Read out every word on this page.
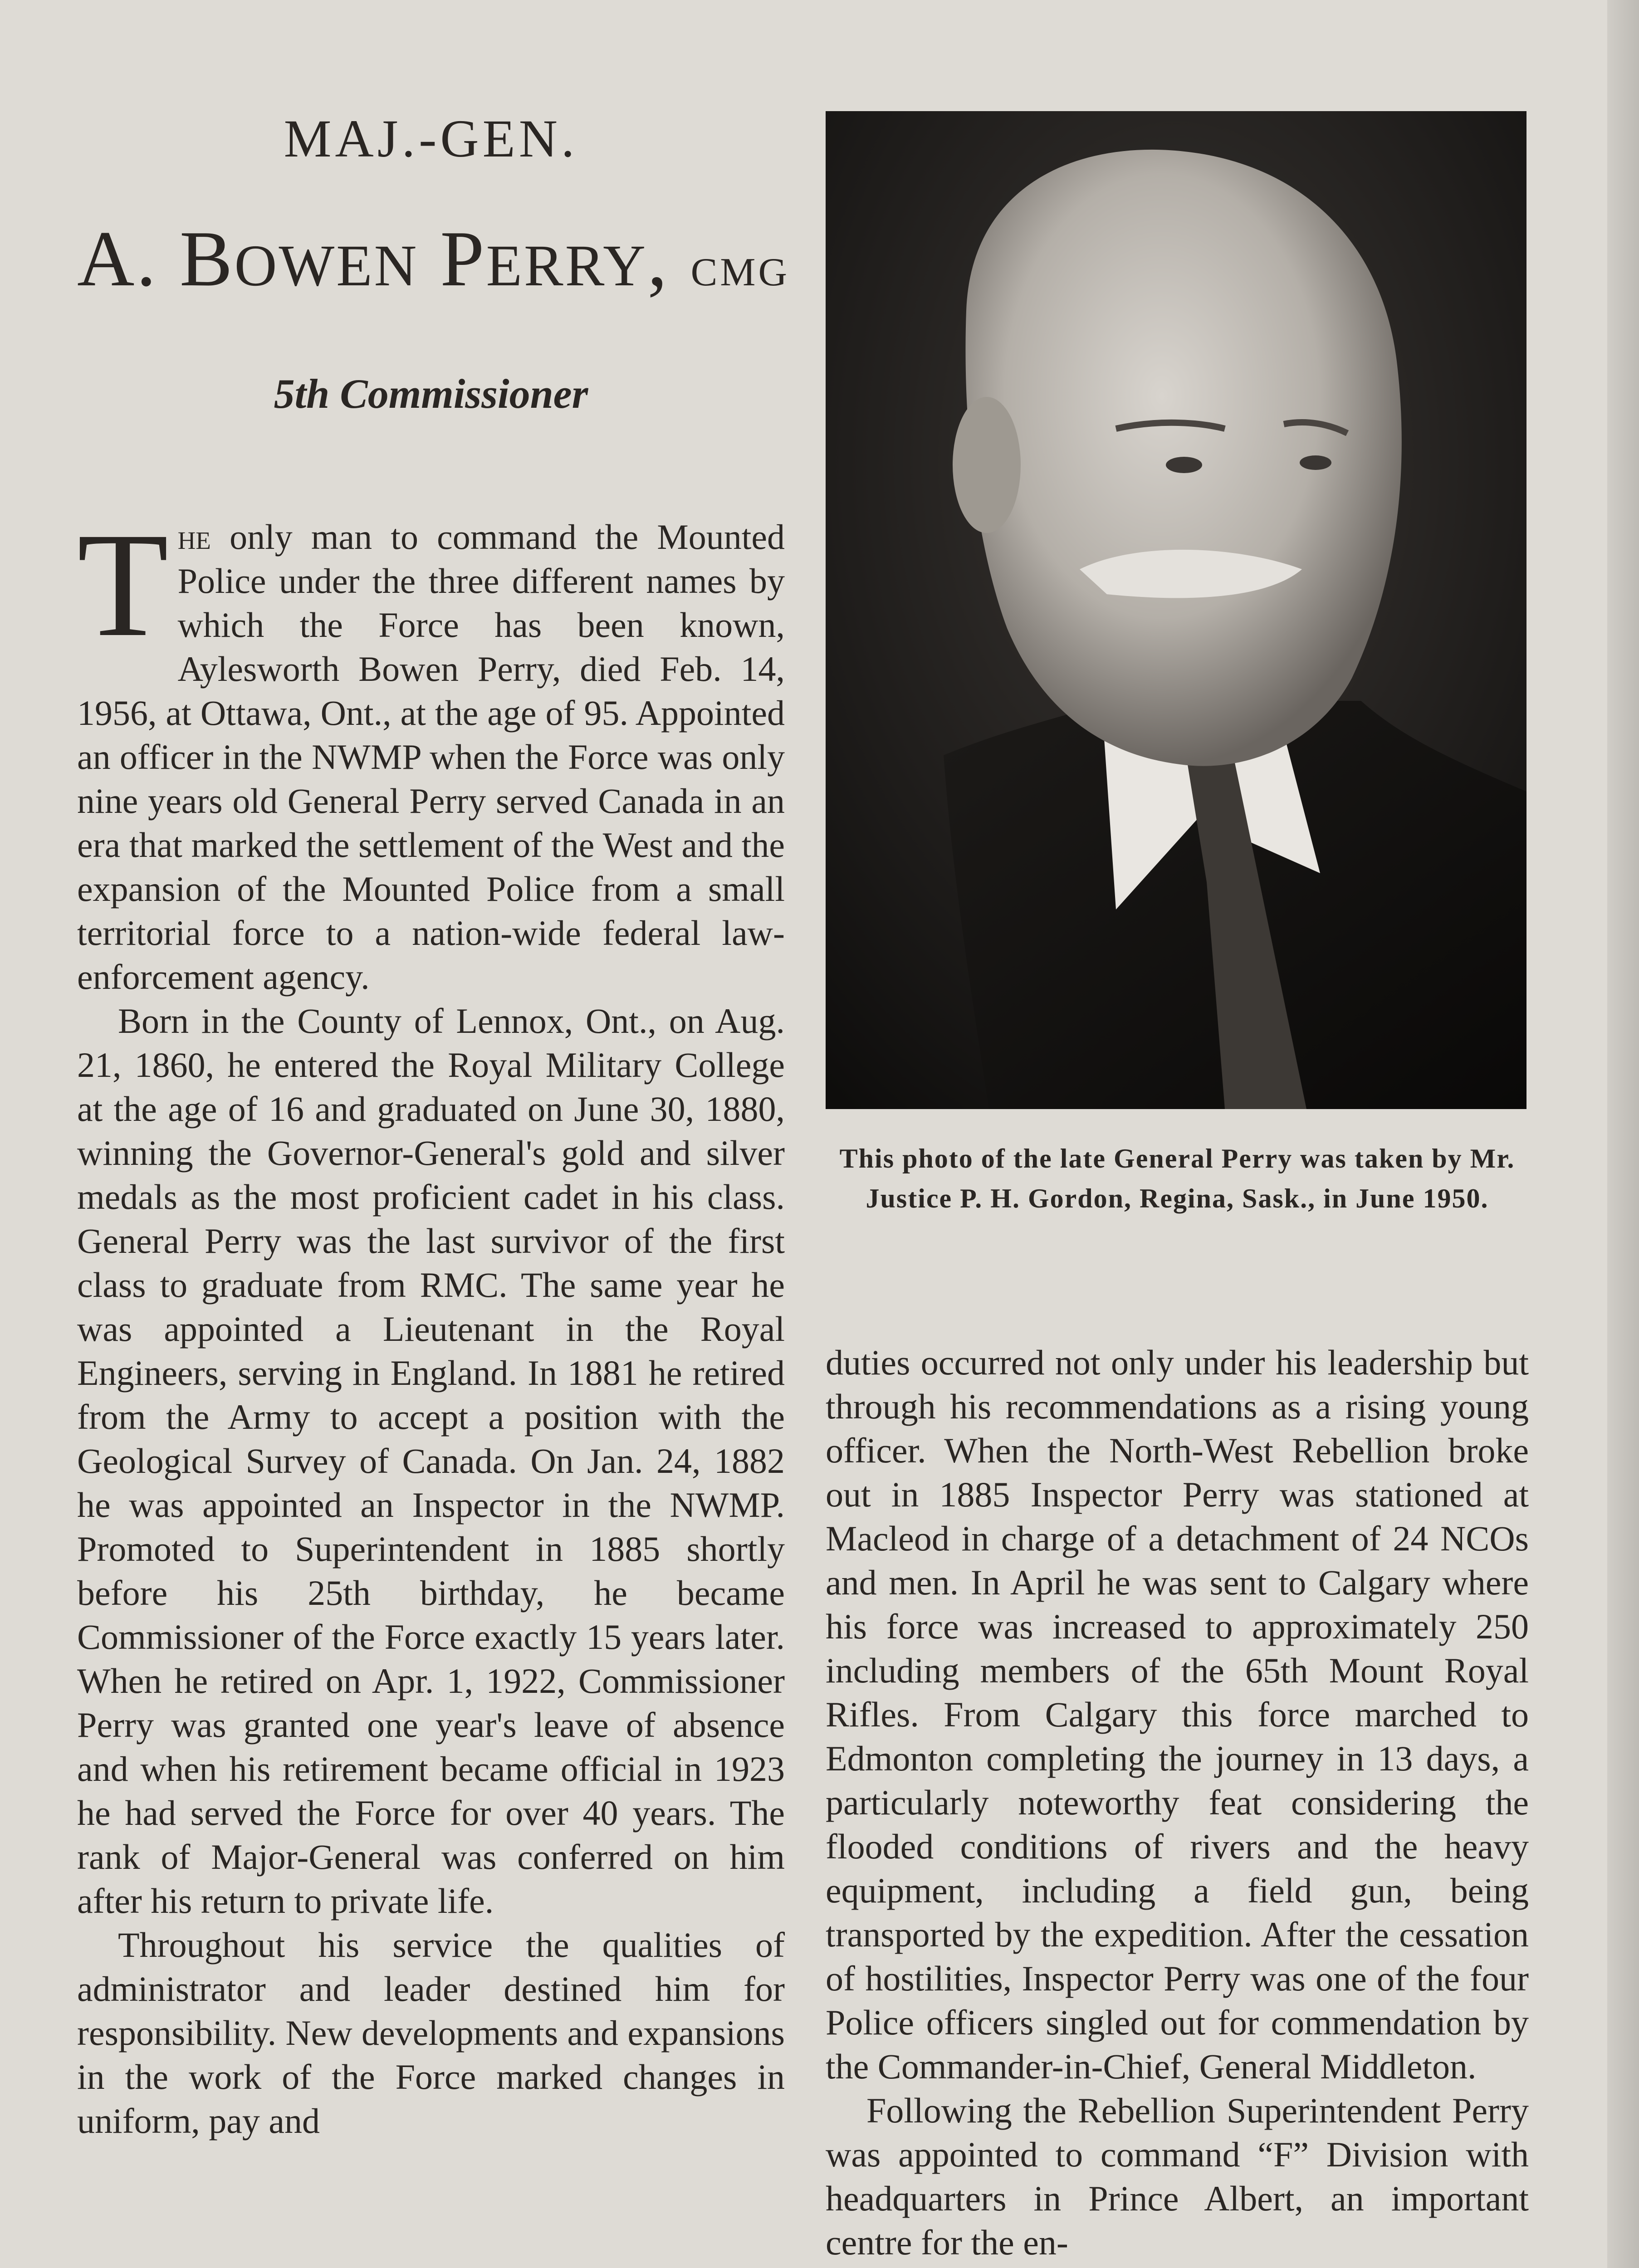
MAJ.-GEN.
A. BOWEN PERRY, CMG
5th Commissioner

The only man to command the Mounted Police under the three different names by which the Force has been known, Aylesworth Bowen Perry, died Feb. 14, 1956, at Ottawa, Ont., at the age of 95. Appointed an officer in the NWMP when the Force was only nine years old General Perry served Canada in an era that marked the settlement of the West and the expansion of the Mounted Police from a small territorial force to a nation-wide federal law-enforcement agency.

Born in the County of Lennox, Ont., on Aug. 21, 1860, he entered the Royal Military College at the age of 16 and graduated on June 30, 1880, winning the Governor-General's gold and silver medals as the most proficient cadet in his class. General Perry was the last survivor of the first class to graduate from RMC. The same year he was appointed a Lieutenant in the Royal Engineers, serving in England. In 1881 he retired from the Army to accept a position with the Geological Survey of Canada. On Jan. 24, 1882 he was appointed an Inspector in the NWMP. Promoted to Superintendent in 1885 shortly before his 25th birthday, he became Commissioner of the Force exactly 15 years later. When he retired on Apr. 1, 1922, Commissioner Perry was granted one year's leave of absence and when his retirement became official in 1923 he had served the Force for over 40 years. The rank of Major-General was conferred on him after his return to private life.

Throughout his service the qualities of administrator and leader destined him for responsibility. New developments and expansions in the work of the Force marked changes in uniform, pay and

This photo of the late General Perry was taken by Mr. Justice P. H. Gordon, Regina, Sask., in June 1950.

duties occurred not only under his leadership but through his recommendations as a rising young officer. When the North-West Rebellion broke out in 1885 Inspector Perry was stationed at Macleod in charge of a detachment of 24 NCOs and men. In April he was sent to Calgary where his force was increased to approximately 250 including members of the 65th Mount Royal Rifles. From Calgary this force marched to Edmonton completing the journey in 13 days, a particularly noteworthy feat considering the flooded conditions of rivers and the heavy equipment, including a field gun, being transported by the expedition. After the cessation of hostilities, Inspector Perry was one of the four Police officers singled out for commendation by the Commander-in-Chief, General Middleton.

Following the Rebellion Superintendent Perry was appointed to command “F” Division with headquarters in Prince Albert, an important centre for the en-
